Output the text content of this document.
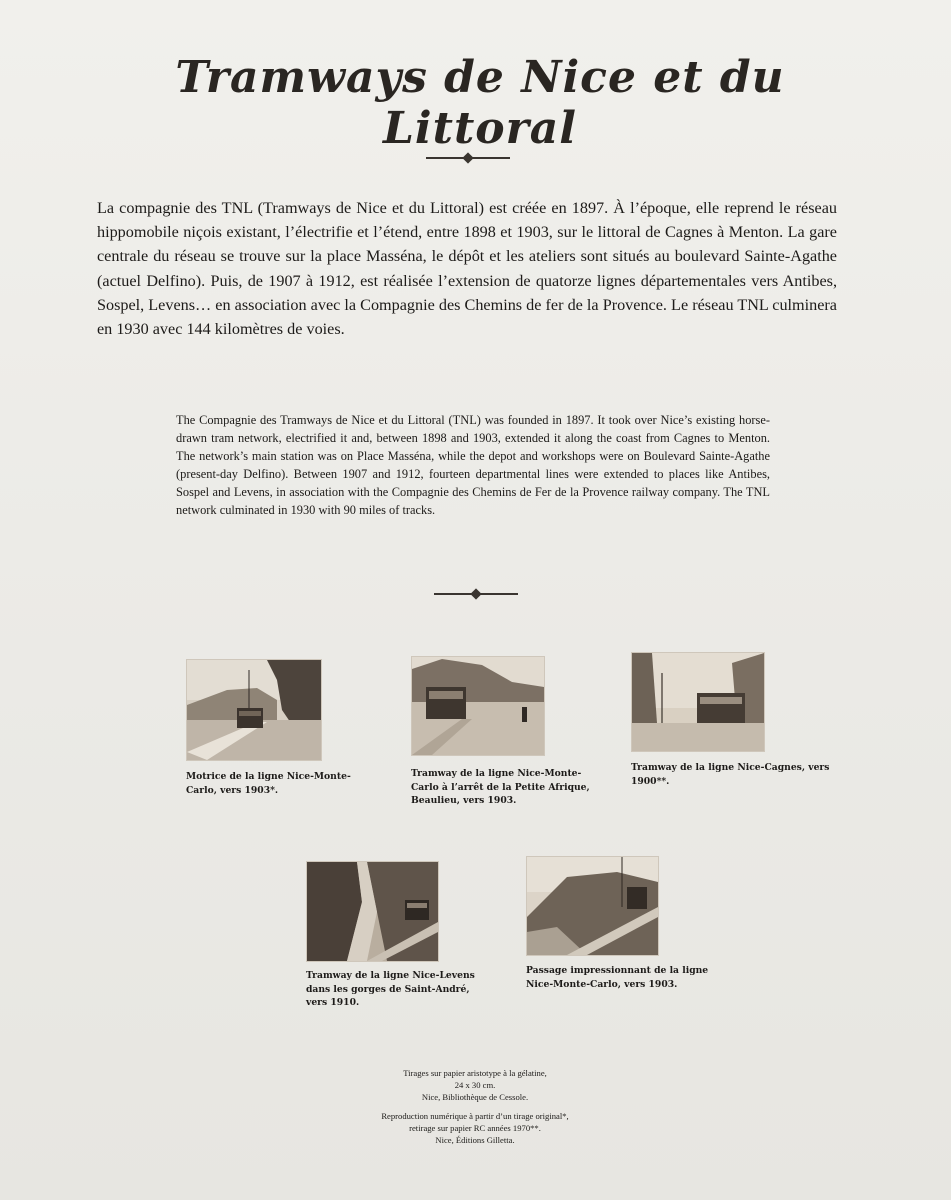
Tramways de Nice et du Littoral

La compagnie des TNL (Tramways de Nice et du Littoral) est créée en 1897. À l’époque, elle reprend le réseau hippomobile niçois existant, l’électrifie et l’étend, entre 1898 et 1903, sur le littoral de Cagnes à Menton. La gare centrale du réseau se trouve sur la place Masséna, le dépôt et les ateliers sont situés au boulevard Sainte-Agathe (actuel Delfino). Puis, de 1907 à 1912, est réalisée l’extension de quatorze lignes départementales vers Antibes, Sospel, Levens… en association avec la Compagnie des Chemins de fer de la Provence. Le réseau TNL culminera en 1930 avec 144 kilomètres de voies.

The Compagnie des Tramways de Nice et du Littoral (TNL) was founded in 1897. It took over Nice’s existing horse-drawn tram network, electrified it and, between 1898 and 1903, extended it along the coast from Cagnes to Menton. The network’s main station was on Place Masséna, while the depot and workshops were on Boulevard Sainte-Agathe (present-day Delfino). Between 1907 and 1912, fourteen departmental lines were extended to places like Antibes, Sospel and Levens, in association with the Compagnie des Chemins de Fer de la Provence railway company. The TNL network culminated in 1930 with 90 miles of tracks.

Motrice de la ligne Nice-Monte-Carlo, vers 1903*.

Tramway de la ligne Nice-Monte-Carlo à l’arrêt de la Petite Afrique, Beaulieu, vers 1903.

Tramway de la ligne Nice-Cagnes, vers 1900**.

Tramway de la ligne Nice-Levens dans les gorges de Saint-André, vers 1910.

Passage impressionnant de la ligne Nice-Monte-Carlo, vers 1903.

Tirages sur papier aristotype à la gélatine,
24 x 30 cm.
Nice, Bibliothèque de Cessole.
Reproduction numérique à partir d’un tirage original*,
retirage sur papier RC années 1970**.
Nice, Éditions Gilletta.
